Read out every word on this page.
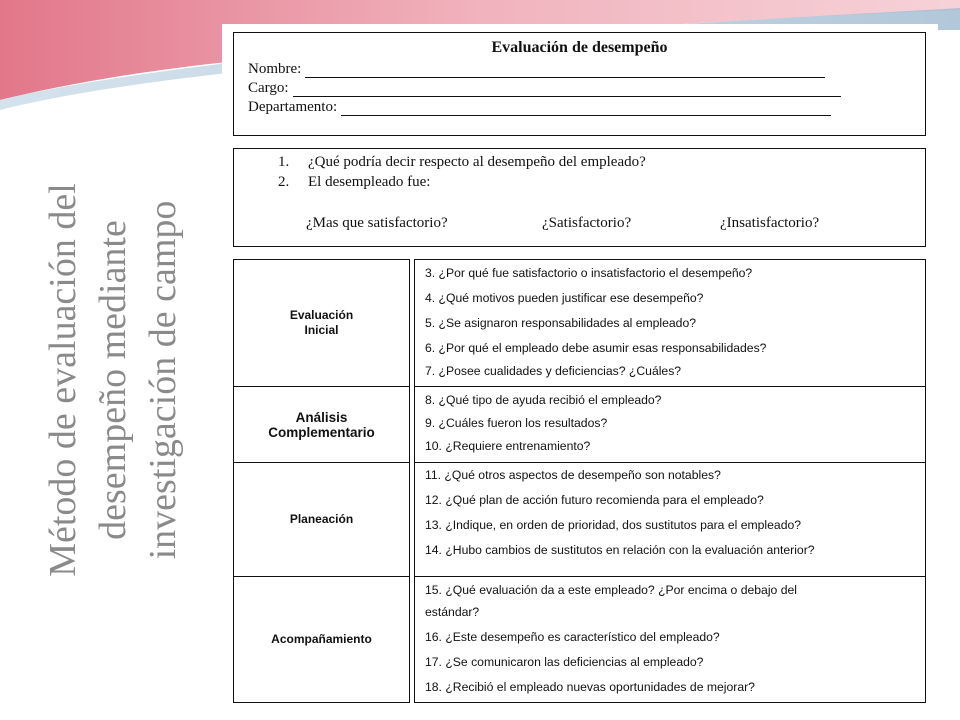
Método de evaluación del desempeño mediante investigación de campo
Evaluación de desempeño
Nombre:
Cargo:
Departamento:
1. ¿Qué podría decir respecto al desempeño del empleado?
2. El desempleado fue:
¿Mas que satisfactorio?	¿Satisfactorio?	¿Insatisfactorio?
Evaluación
Inicial
Análisis
Complementario
Planeación
Acompañamiento
3. ¿Por qué fue satisfactorio o insatisfactorio el desempeño?
4. ¿Qué motivos pueden justificar ese desempeño?
5. ¿Se asignaron responsabilidades al empleado?
6. ¿Por qué el empleado debe asumir esas responsabilidades?
7. ¿Posee cualidades y deficiencias? ¿Cuáles?
8. ¿Qué tipo de ayuda recibió el empleado?
9. ¿Cuáles fueron los resultados?
10. ¿Requiere entrenamiento?
11. ¿Qué otros aspectos de desempeño son notables?
12. ¿Qué plan de acción futuro recomienda para el empleado?
13. ¿Indique, en orden de prioridad, dos sustitutos para el empleado?
14. ¿Hubo cambios de sustitutos en relación con la evaluación anterior?
15. ¿Qué evaluación da a este empleado? ¿Por encima o debajo del
estándar?
16. ¿Este desempeño es característico del empleado?
17. ¿Se comunicaron las deficiencias al empleado?
18. ¿Recibió el empleado nuevas oportunidades de mejorar?
